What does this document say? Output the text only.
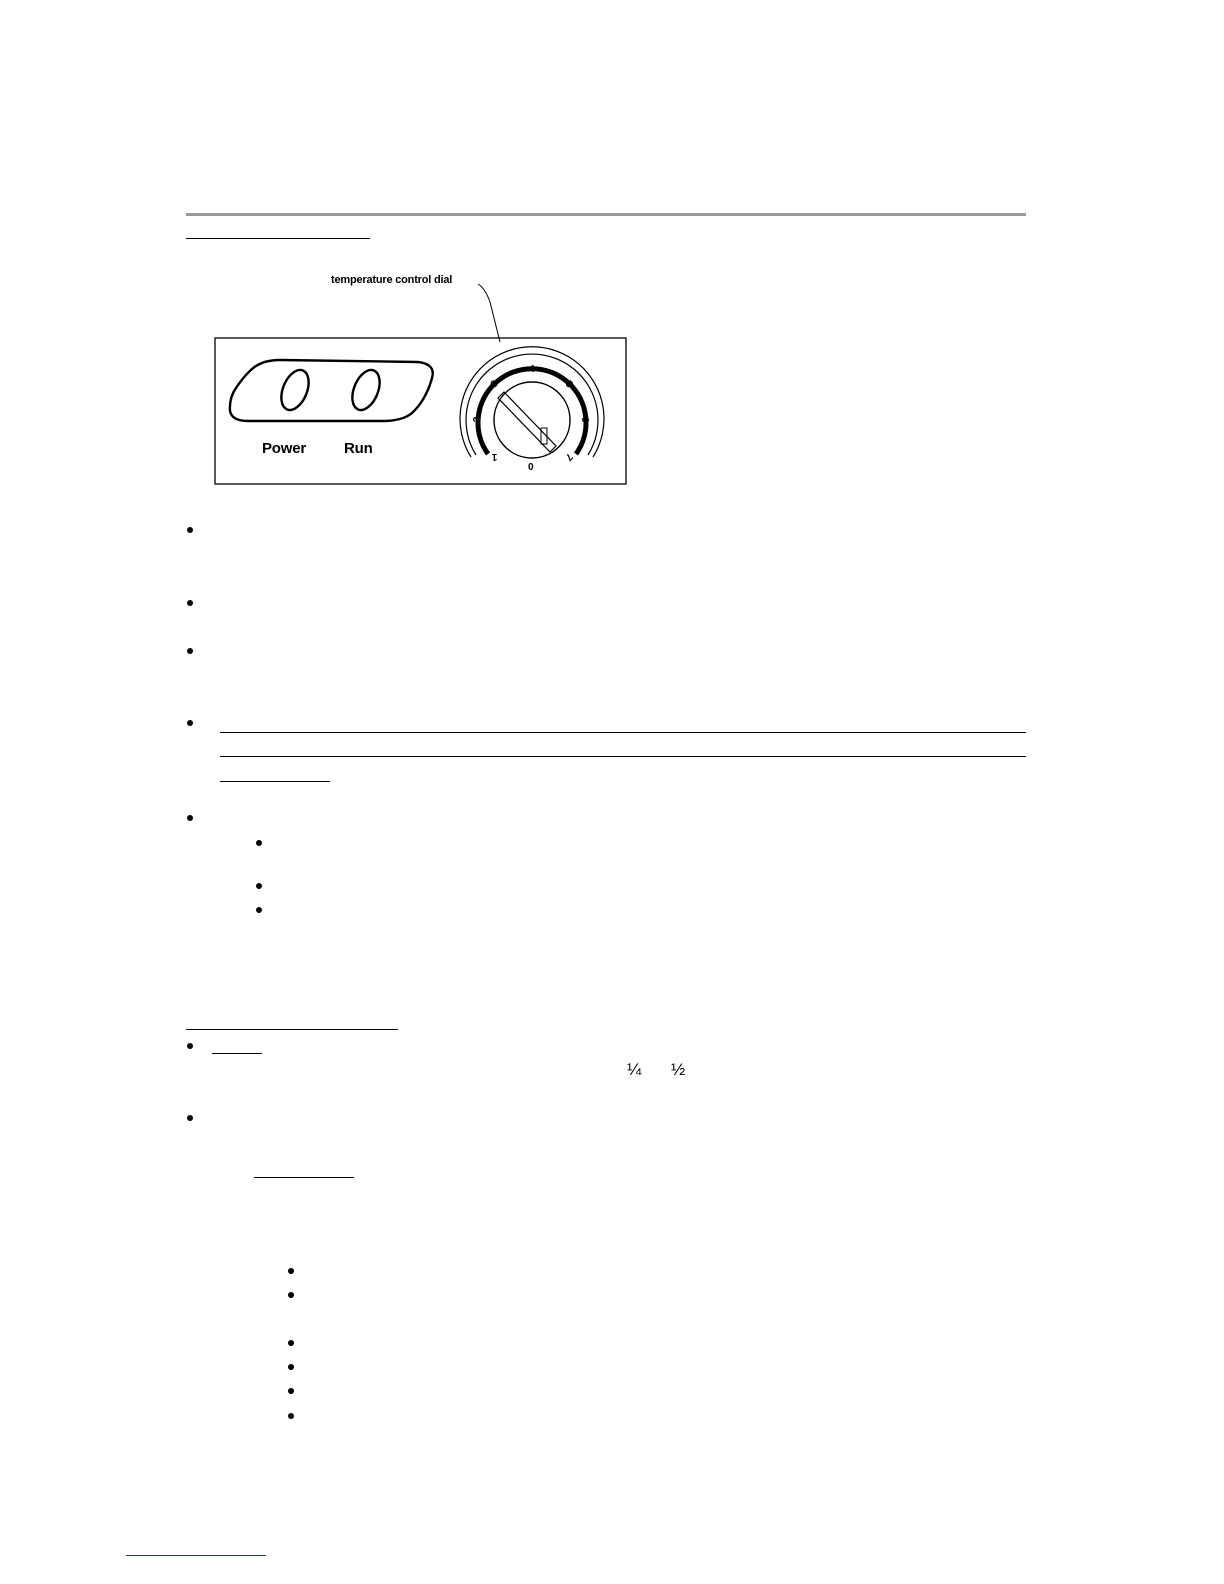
temperature control dial
Power	Run	1
2
3
4
5
6
7
0
¼ ½
